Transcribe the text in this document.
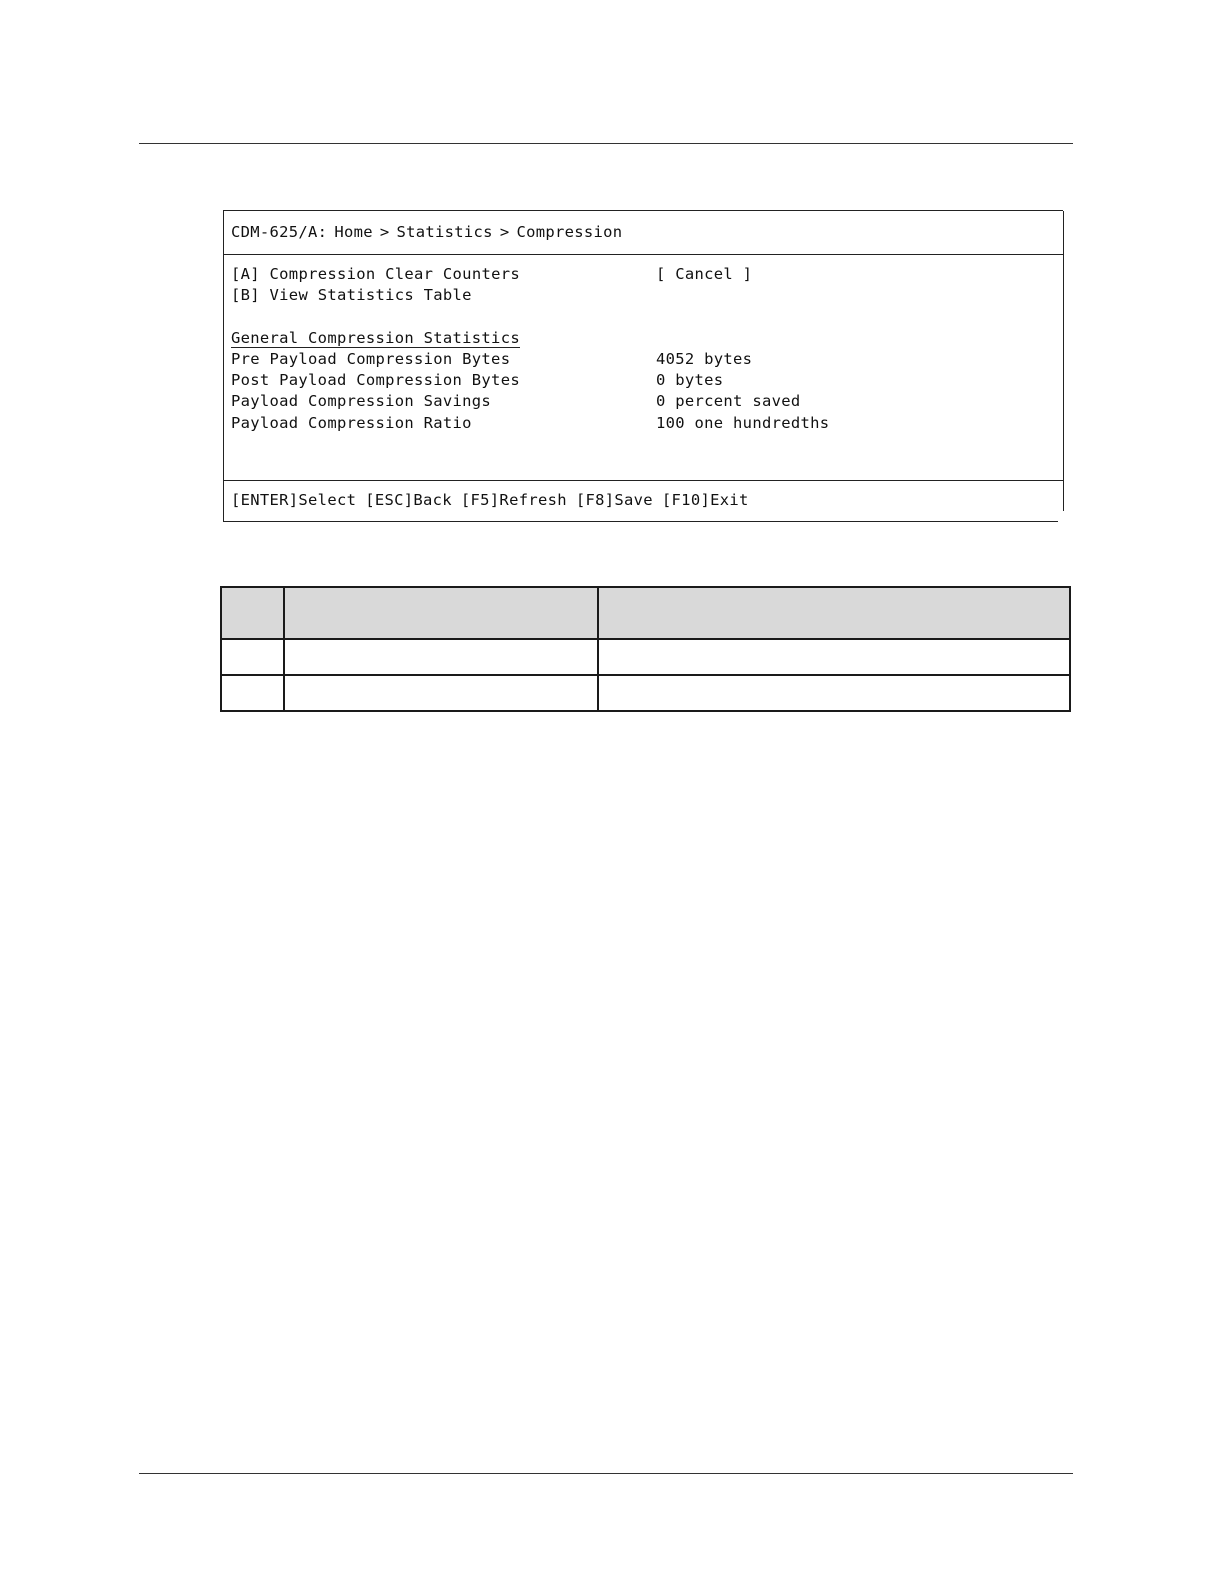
CDM-625/A: Home > Statistics > Compression
[A] Compression Clear Counters	[ Cancel ]
[B] View Statistics Table
General Compression Statistics
Pre Payload Compression Bytes	4052 bytes
Post Payload Compression Bytes	0 bytes
Payload Compression Savings	0 percent saved
Payload Compression Ratio	100 one hundredths
[ENTER]Select [ESC]Back [F5]Refresh [F8]Save [F10]Exit
